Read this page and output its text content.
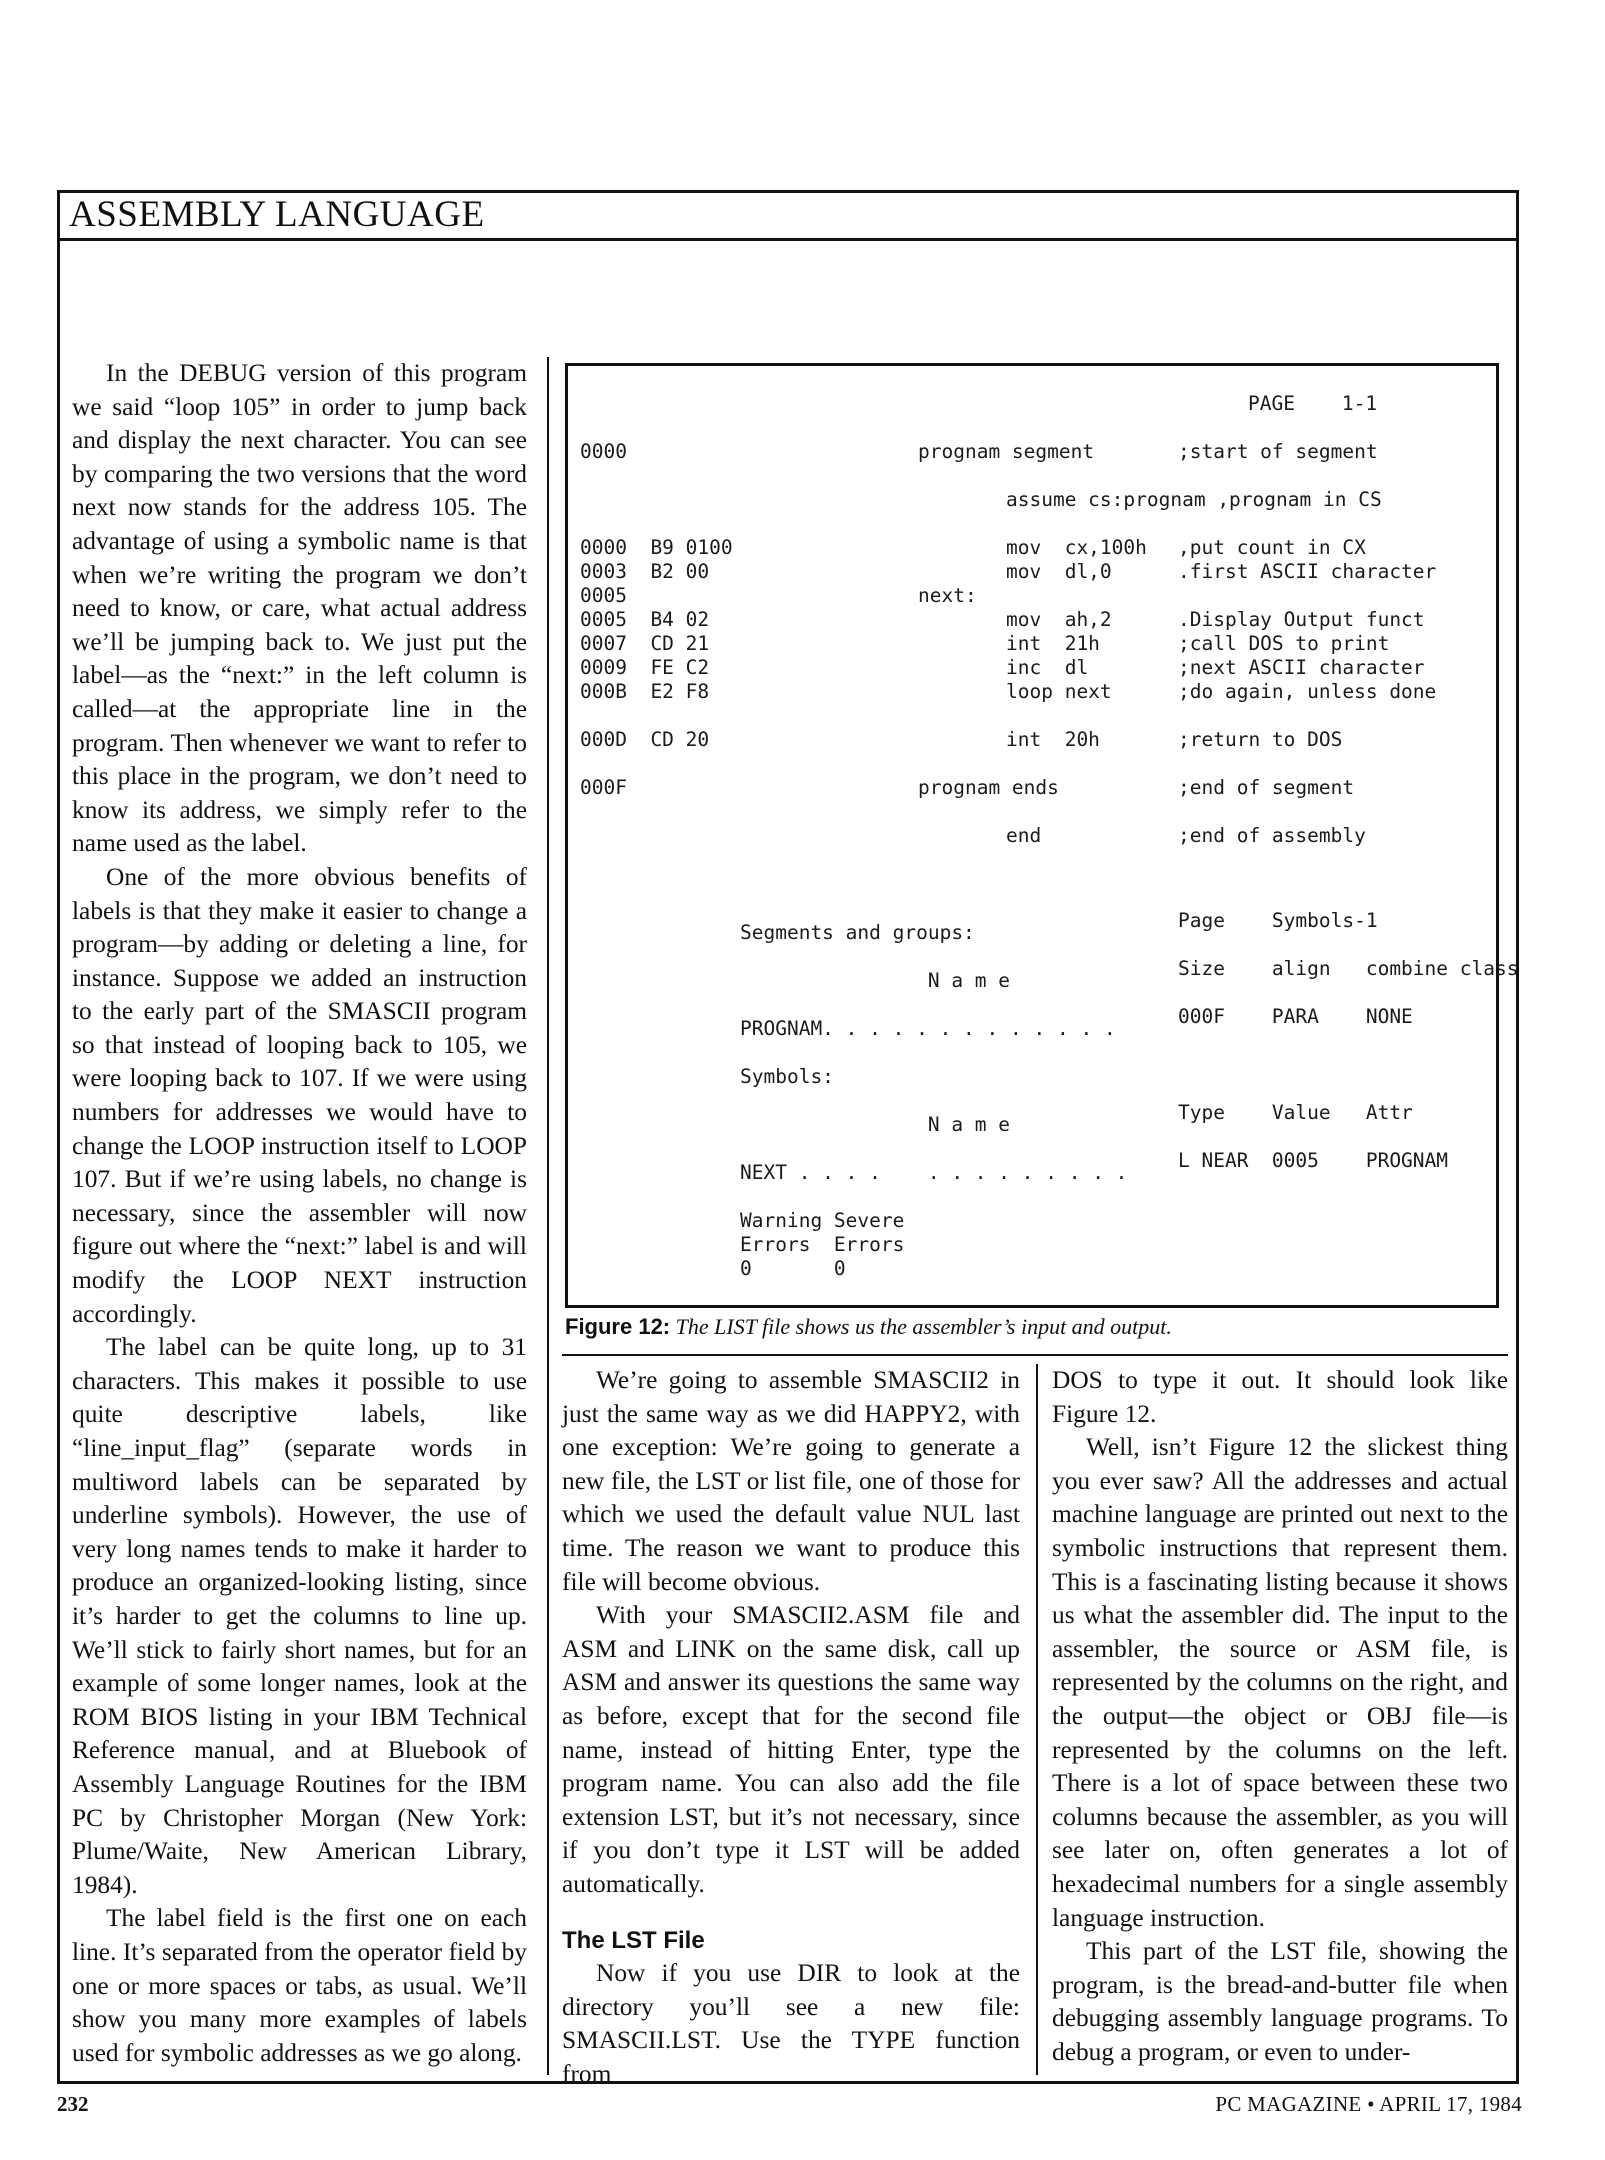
ASSEMBLY LANGUAGE

In the DEBUG version of this program we said “loop 105” in order to jump back and display the next character. You can see by comparing the two versions that the word next now stands for the address 105. The advantage of using a symbolic name is that when we’re writing the program we don’t need to know, or care, what actual address we’ll be jumping back to. We just put the label—as the “next:” in the left column is called—at the appropriate line in the program. Then whenever we want to refer to this place in the program, we don’t need to know its address, we simply refer to the name used as the label.

One of the more obvious benefits of labels is that they make it easier to change a program—by adding or deleting a line, for instance. Suppose we added an instruction to the early part of the SMASCII program so that instead of looping back to 105, we were looping back to 107. If we were using numbers for addresses we would have to change the LOOP instruction itself to LOOP 107. But if we’re using labels, no change is necessary, since the assembler will now figure out where the “next:” label is and will modify the LOOP NEXT instruction accordingly.

The label can be quite long, up to 31 characters. This makes it possible to use quite descriptive labels, like “line_input_flag” (separate words in multiword labels can be separated by underline symbols). However, the use of very long names tends to make it harder to produce an organized-looking listing, since it’s harder to get the columns to line up. We’ll stick to fairly short names, but for an example of some longer names, look at the ROM BIOS listing in your IBM Technical Reference manual, and at Bluebook of Assembly Language Routines for the IBM PC by Christopher Morgan (New York: Plume/Waite, New American Library, 1984).

The label field is the first one on each line. It’s separated from the operator field by one or more spaces or tabs, as usual. We’ll show you many more examples of labels used for symbolic addresses as we go along.

PAGE    1-1
0000

0000  B9 0100
0003  B2 00
0005
0005  B4 02
0007  CD 21
0009  FE C2
000B  E2 F8

000D  CD 20

000F
prognam segment

next:

prognam ends
assume cs:prognam ,prognam in CS

mov  cx,100h
mov  dl,0

mov  ah,2
int  21h
inc  dl
loop next

int  20h

end
;start of segment

,put count in CX
.first ASCII character

.Display Output funct
;call DOS to print
;next ASCII character
;do again, unless done

;return to DOS

;end of segment

;end of assembly
Segments and groups:

N a m e

PROGNAM. . . . . . . . . . . . .

Symbols:

N a m e

NEXT . . . .    . . . . . . . . .

Warning Severe
Errors  Errors
0       0
Page    Symbols-1

Size    align   combine class

000F    PARA    NONE

Type    Value   Attr

L NEAR  0005    PROGNAM
Figure 12: The LIST file shows us the assembler’s input and output.

We’re going to assemble SMASCII2 in just the same way as we did HAPPY2, with one exception: We’re going to generate a new file, the LST or list file, one of those for which we used the default value NUL last time. The reason we want to produce this file will become obvious.

With your SMASCII2.ASM file and ASM and LINK on the same disk, call up ASM and answer its questions the same way as before, except that for the second file name, instead of hitting Enter, type the program name. You can also add the file extension LST, but it’s not necessary, since if you don’t type it LST will be added automatically.

The LST File

Now if you use DIR to look at the directory you’ll see a new file: SMASCII.LST. Use the TYPE function from

DOS to type it out. It should look like Figure 12.

Well, isn’t Figure 12 the slickest thing you ever saw? All the addresses and actual machine language are printed out next to the symbolic instructions that represent them. This is a fascinating listing because it shows us what the assembler did. The input to the assembler, the source or ASM file, is represented by the columns on the right, and the output—the object or OBJ file—is represented by the columns on the left. There is a lot of space between these two columns because the assembler, as you will see later on, often generates a lot of hexadecimal numbers for a single assembly language instruction.

This part of the LST file, showing the program, is the bread-and-butter file when debugging assembly language programs. To debug a program, or even to under-

232	PC MAGAZINE • APRIL 17, 1984
